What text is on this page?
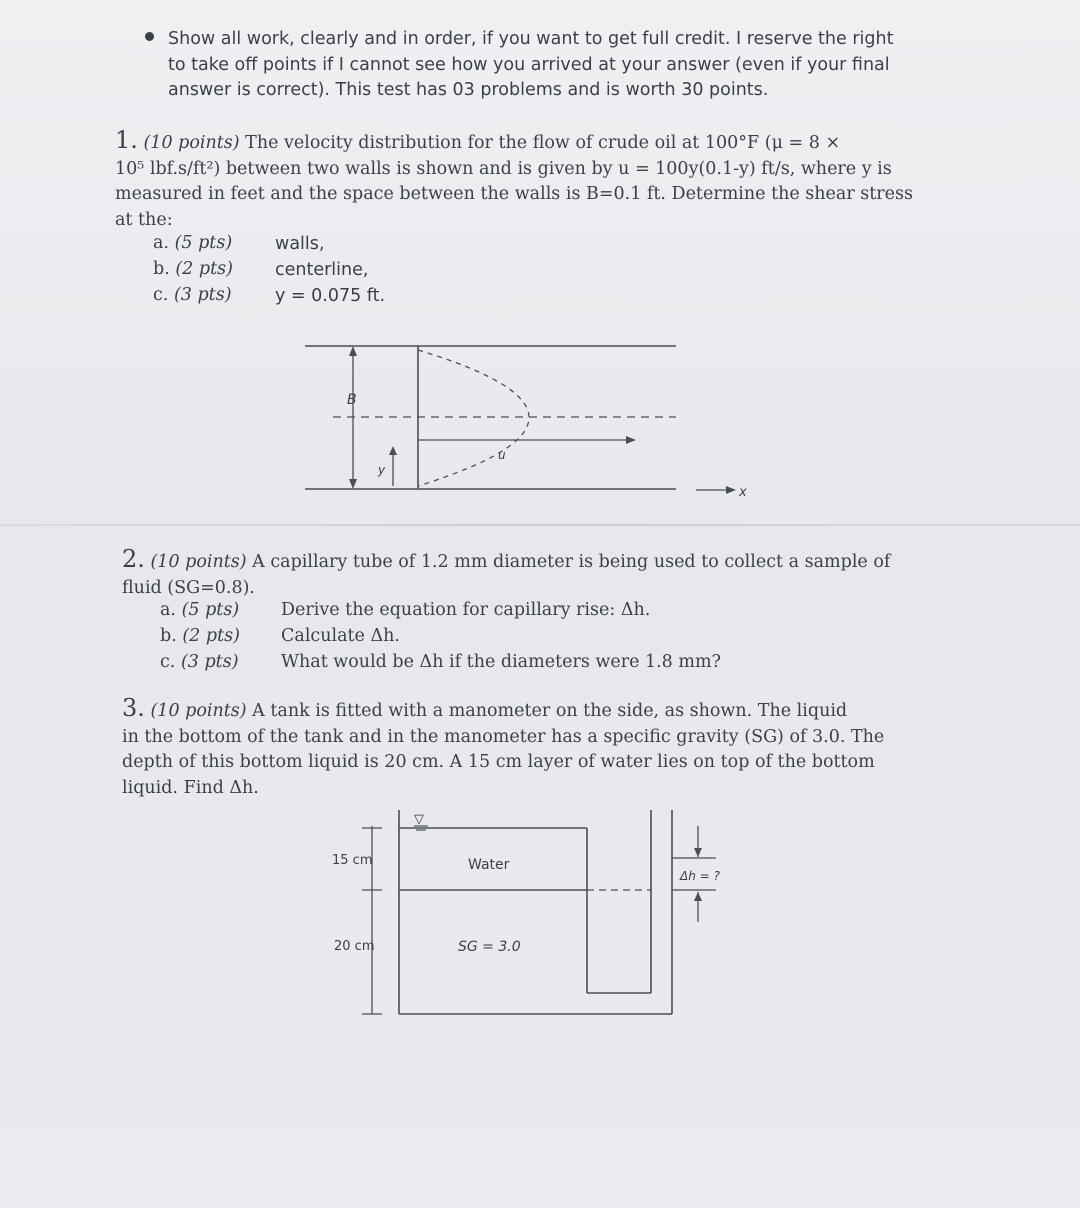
Show all work, clearly and in order, if you want to get full credit. I reserve the right
to take off points if I cannot see how you arrived at your answer (even if your final
answer is correct). This test has 03 problems and is worth 30 points.
1. (10 points) The velocity distribution for the flow of crude oil at 100°F (μ = 8 ×
10⁵ lbf.s/ft²) between two walls is shown and is given by u = 100y(0.1-y) ft/s, where y is
measured in feet and the space between the walls is B=0.1 ft. Determine the shear stress
at the:
a. (5 pts) walls,
b. (2 pts) centerline,
c. (3 pts) y = 0.075 ft.
B
y
u
x
2. (10 points) A capillary tube of 1.2 mm diameter is being used to collect a sample of
fluid (SG=0.8).
a. (5 pts) Derive the equation for capillary rise: Δh.
b. (2 pts) Calculate Δh.
c. (3 pts) What would be Δh if the diameters were 1.8 mm?
3. (10 points) A tank is fitted with a manometer on the side, as shown. The liquid
in the bottom of the tank and in the manometer has a specific gravity (SG) of 3.0. The
depth of this bottom liquid is 20 cm. A 15 cm layer of water lies on top of the bottom
liquid. Find Δh.
▽
15 cm	Water
Δh = ?
20 cm	SG = 3.0
